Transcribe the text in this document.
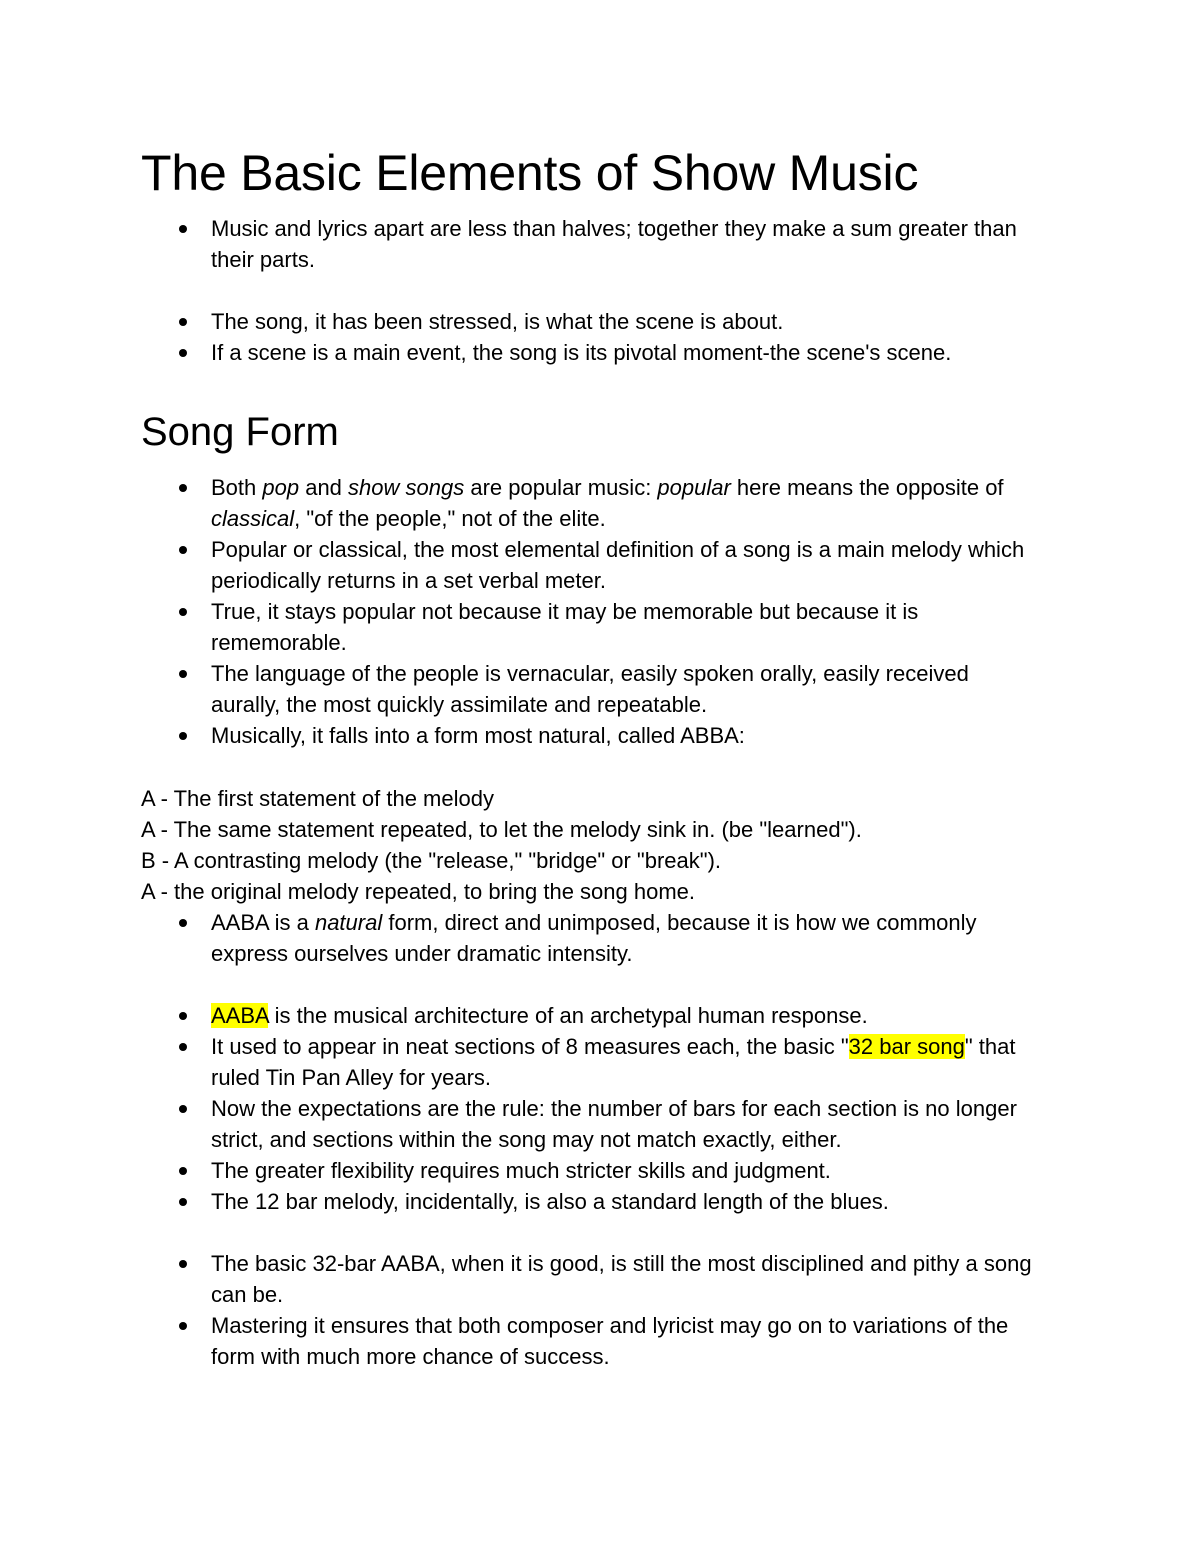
The Basic Elements of Show Music
Music and lyrics apart are less than halves; together they make a sum greater than their parts.
The song, it has been stressed, is what the scene is about.
If a scene is a main event, the song is its pivotal moment-the scene's scene.
Song Form
Both pop and show songs are popular music: popular here means the opposite of classical, "of the people," not of the elite.
Popular or classical, the most elemental definition of a song is a main melody which periodically returns in a set verbal meter.
True, it stays popular not because it may be memorable but because it is rememorable.
The language of the people is vernacular, easily spoken orally, easily received aurally, the most quickly assimilate and repeatable.
Musically, it falls into a form most natural, called ABBA:

A - The first statement of the melody

A - The same statement repeated, to let the melody sink in. (be "learned").

B - A contrasting melody (the "release," "bridge" or "break").

A - the original melody repeated, to bring the song home.

AABA is a natural form, direct and unimposed, because it is how we commonly express ourselves under dramatic intensity.
AABA is the musical architecture of an archetypal human response.
It used to appear in neat sections of 8 measures each, the basic "32 bar song" that ruled Tin Pan Alley for years.
Now the expectations are the rule: the number of bars for each section is no longer strict, and sections within the song may not match exactly, either.
The greater flexibility requires much stricter skills and judgment.
The 12 bar melody, incidentally, is also a standard length of the blues.
The basic 32-bar AABA, when it is good, is still the most disciplined and pithy a song can be.
Mastering it ensures that both composer and lyricist may go on to variations of the form with much more chance of success.
